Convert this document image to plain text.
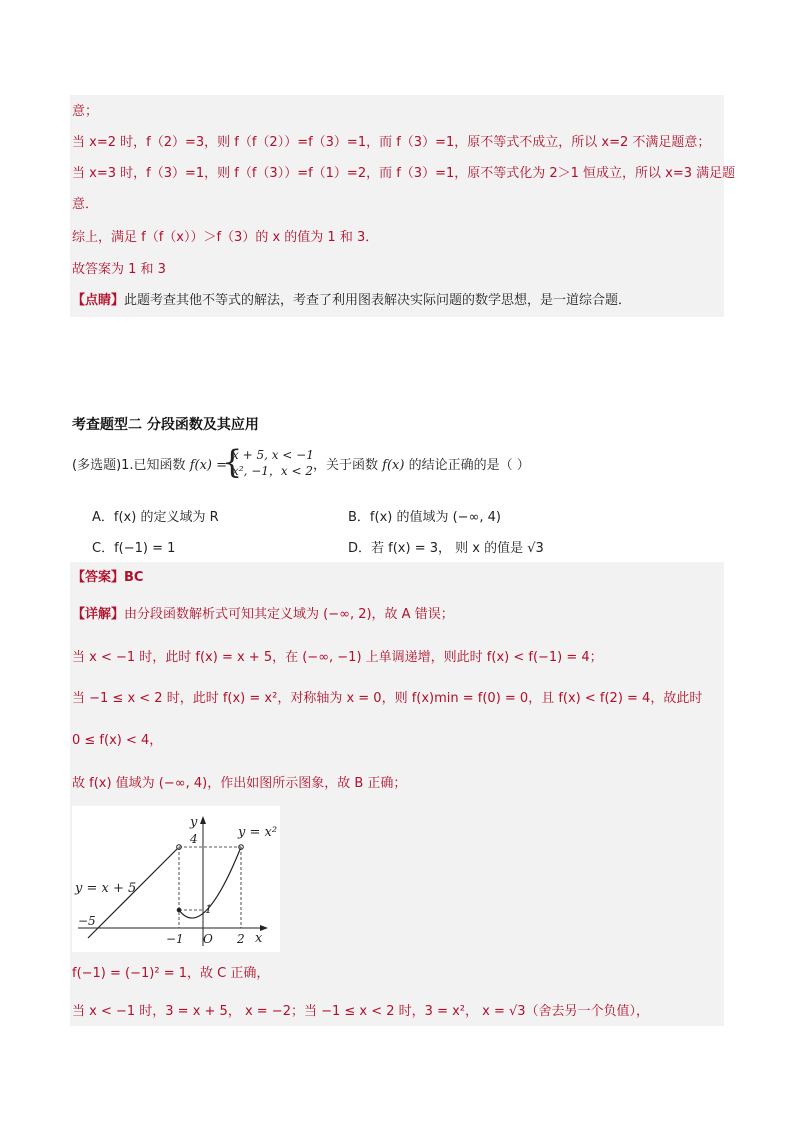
意；
当 x=2 时，f（2）=3，则 f（f（2））=f（3）=1，而 f（3）=1，原不等式不成立，所以 x=2 不满足题意；
当 x=3 时，f（3）=1，则 f（f（3））=f（1）=2，而 f（3）=1，原不等式化为 2＞1 恒成立，所以 x=3 满足题
意．
综上，满足 f（f（x））＞f（3）的 x 的值为 1 和 3．
故答案为 1 和 3
【点睛】此题考查其他不等式的解法，考查了利用图表解决实际问题的数学思想，是一道综合题．
考查题型二 分段函数及其应用
(多选题)1.已知函数 f(x) =	，关于函数 f(x) 的结论正确的是（ ）
{
x + 5, x < −1
x², −1，x < 2
A．f(x) 的定义域为 R	B．f(x) 的值域为 (−∞, 4)
C．f(−1) = 1	D．若 f(x) = 3， 则 x 的值是 √3
【答案】BC
【详解】由分段函数解析式可知其定义域为 (−∞, 2)，故 A 错误；
当 x < −1 时，此时 f(x) = x + 5，在 (−∞, −1) 上单调递增，则此时 f(x) < f(−1) = 4；
当 −1 ≤ x < 2 时，此时 f(x) = x²，对称轴为 x = 0，则 f(x)min = f(0) = 0，且 f(x) < f(2) = 4，故此时
0 ≤ f(x) < 4，
故 f(x) 值域为 (−∞, 4)，作出如图所示图象，故 B 正确；
y
x
4
1
−5
−1 O 2
y = x + 5
y = x²
f(−1) = (−1)² = 1，故 C 正确，
当 x < −1 时，3 = x + 5， x = −2；当 −1 ≤ x < 2 时，3 = x²， x = √3（舍去另一个负值），
